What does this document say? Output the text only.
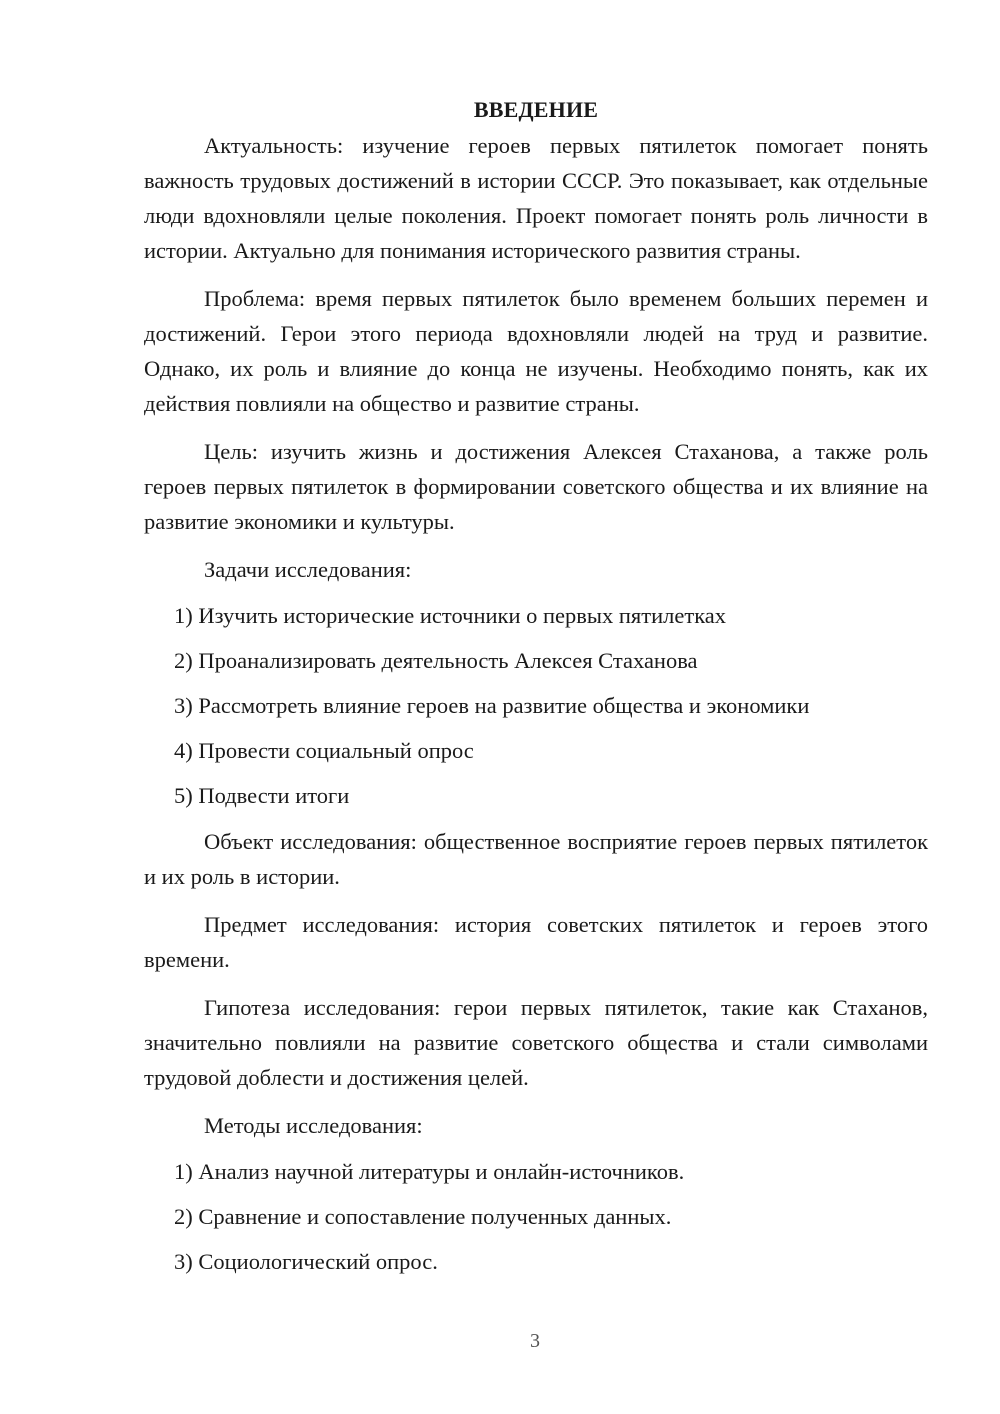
ВВЕДЕНИЕ

Актуальность: изучение героев первых пятилеток помогает понять важность трудовых достижений в истории СССР. Это показывает, как отдельные люди вдохновляли целые поколения. Проект помогает понять роль личности в истории. Актуально для понимания исторического развития страны.

Проблема: время первых пятилеток было временем больших перемен и достижений. Герои этого периода вдохновляли людей на труд и развитие. Однако, их роль и влияние до конца не изучены. Необходимо понять, как их действия повлияли на общество и развитие страны.

Цель: изучить жизнь и достижения Алексея Стаханова, а также роль героев первых пятилеток в формировании советского общества и их влияние на развитие экономики и культуры.

Задачи исследования:

1) Изучить исторические источники о первых пятилетках
2) Проанализировать деятельность Алексея Стаханова
3) Рассмотреть влияние героев на развитие общества и экономики
4) Провести социальный опрос
5) Подвести итоги

Объект исследования: общественное восприятие героев первых пятилеток и их роль в истории.

Предмет исследования: история советских пятилеток и героев этого времени.

Гипотеза исследования: герои первых пятилеток, такие как Стаханов, значительно повлияли на развитие советского общества и стали символами трудовой доблести и достижения целей.

Методы исследования:

1) Анализ научной литературы и онлайн-источников.
2) Сравнение и сопоставление полученных данных.
3) Социологический опрос.
3
